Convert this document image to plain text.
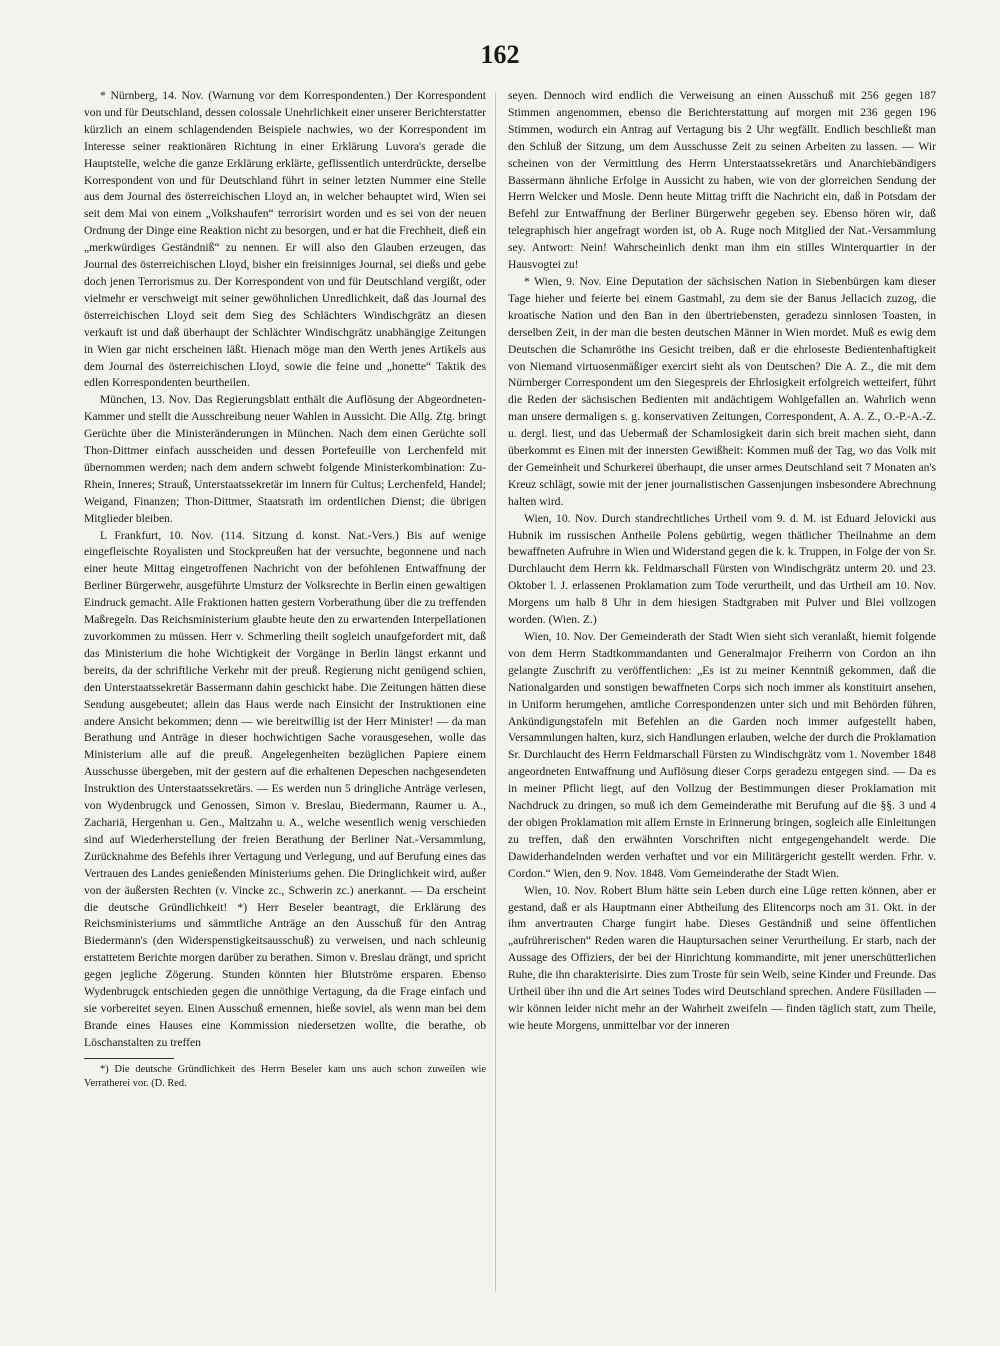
162

* Nürnberg, 14. Nov. (Warnung vor dem Korrespondenten.) Der Korrespondent von und für Deutschland, dessen colossale Unehrlichkeit einer unserer Berichterstatter kürzlich an einem schlagendenden Beispiele nachwies, wo der Korrespondent im Interesse seiner reaktionären Richtung in einer Erklärung Luvora's gerade die Hauptstelle, welche die ganze Erklärung erklärte, geflissentlich unterdrückte, derselbe Korrespondent von und für Deutschland führt in seiner letzten Nummer eine Stelle aus dem Journal des österreichischen Lloyd an, in welcher behauptet wird, Wien sei seit dem Mai von einem „Volkshaufen“ terrorisirt worden und es sei von der neuen Ordnung der Dinge eine Reaktion nicht zu besorgen, und er hat die Frechheit, dieß ein „merkwürdiges Geständniß“ zu nennen. Er will also den Glauben erzeugen, das Journal des österreichischen Lloyd, bisher ein freisinniges Journal, sei dießs und gebe doch jenen Terrorismus zu. Der Korrespondent von und für Deutschland vergißt, oder vielmehr er verschweigt mit seiner gewöhnlichen Unredlichkeit, daß das Journal des österreichischen Lloyd seit dem Sieg des Schlächters Windischgrätz an diesen verkauft ist und daß überhaupt der Schlächter Windischgrätz unabhängige Zeitungen in Wien gar nicht erscheinen läßt. Hienach möge man den Werth jenes Artikels aus dem Journal des österreichischen Lloyd, sowie die feine und „honette“ Taktik des edlen Korrespondenten beurtheilen.

München, 13. Nov. Das Regierungsblatt enthält die Auflösung der Abgeordneten-Kammer und stellt die Ausschreibung neuer Wahlen in Aussicht. Die Allg. Ztg. bringt Gerüchte über die Ministeränderungen in München. Nach dem einen Gerüchte soll Thon-Dittmer einfach ausscheiden und dessen Portefeuille von Lerchenfeld mit übernommen werden; nach dem andern schwebt folgende Ministerkombination: Zu-Rhein, Inneres; Strauß, Unterstaatssekretär im Innern für Cultus; Lerchenfeld, Handel; Weigand, Finanzen; Thon-Dittmer, Staatsrath im ordentlichen Dienst; die übrigen Mitglieder bleiben.

L Frankfurt, 10. Nov. (114. Sitzung d. konst. Nat.-Vers.) Bis auf wenige eingefleischte Royalisten und Stockpreußen hat der versuchte, begonnene und nach einer heute Mittag eingetroffenen Nachricht von der befohlenen Entwaffnung der Berliner Bürgerwehr, ausgeführte Umsturz der Volksrechte in Berlin einen gewaltigen Eindruck gemacht. Alle Fraktionen hatten gestern Vorberathung über die zu treffenden Maßregeln. Das Reichsministerium glaubte heute den zu erwartenden Interpellationen zuvorkommen zu müssen. Herr v. Schmerling theilt sogleich unaufgefordert mit, daß das Ministerium die hohe Wichtigkeit der Vorgänge in Berlin längst erkannt und bereits, da der schriftliche Verkehr mit der preuß. Regierung nicht genügend schien, den Unterstaatssekretär Bassermann dahin geschickt habe. Die Zeitungen hätten diese Sendung ausgebeutet; allein das Haus werde nach Einsicht der Instruktionen eine andere Ansicht bekommen; denn — wie bereitwillig ist der Herr Minister! — da man Berathung und Anträge in dieser hochwichtigen Sache vorausgesehen, wolle das Ministerium alle auf die preuß. Angelegenheiten bezüglichen Papiere einem Ausschusse übergeben, mit der gestern auf die erhaltenen Depeschen nachgesendeten Instruktion des Unterstaatssekretärs. — Es werden nun 5 dringliche Anträge verlesen, von Wydenbrugck und Genossen, Simon v. Breslau, Biedermann, Raumer u. A., Zachariä, Hergenhan u. Gen., Maltzahn u. A., welche wesentlich wenig verschieden sind auf Wiederherstellung der freien Berathung der Berliner Nat.-Versammlung, Zurücknahme des Befehls ihrer Vertagung und Verlegung, und auf Berufung eines das Vertrauen des Landes genießenden Ministeriums gehen. Die Dringlichkeit wird, außer von der äußersten Rechten (v. Vincke zc., Schwerin zc.) anerkannt. — Da erscheint die deutsche Gründlichkeit! *) Herr Beseler beantragt, die Erklärung des Reichsministeriums und sämmtliche Anträge an den Ausschuß für den Antrag Biedermann's (den Widerspenstigkeitsausschuß) zu verweisen, und nach schleunig erstattetem Berichte morgen darüber zu berathen. Simon v. Breslau drängt, und spricht gegen jegliche Zögerung. Stunden könnten hier Blutströme ersparen. Ebenso Wydenbrugck entschieden gegen die unnöthige Vertagung, da die Frage einfach und sie vorbereitet seyen. Einen Ausschuß ernennen, hieße soviel, als wenn man bei dem Brande eines Hauses eine Kommission niedersetzen wollte, die berathe, ob Löschanstalten zu treffen

*) Die deutsche Gründlichkeit des Herrn Beseler kam uns auch schon zuweilen wie Verratherei vor. (D. Red.

seyen. Dennoch wird endlich die Verweisung an einen Ausschuß mit 256 gegen 187 Stimmen angenommen, ebenso die Berichterstattung auf morgen mit 236 gegen 196 Stimmen, wodurch ein Antrag auf Vertagung bis 2 Uhr wegfällt. Endlich beschließt man den Schluß der Sitzung, um dem Ausschusse Zeit zu seinen Arbeiten zu lassen. — Wir scheinen von der Vermittlung des Herrn Unterstaatssekretärs und Anarchiebändigers Bassermann ähnliche Erfolge in Aussicht zu haben, wie von der glorreichen Sendung der Herrn Welcker und Mosle. Denn heute Mittag trifft die Nachricht ein, daß in Potsdam der Befehl zur Entwaffnung der Berliner Bürgerwehr gegeben sey. Ebenso hören wir, daß telegraphisch hier angefragt worden ist, ob A. Ruge noch Mitglied der Nat.-Versammlung sey. Antwort: Nein! Wahrscheinlich denkt man ihm ein stilles Winterquartier in der Hausvogtei zu!

* Wien, 9. Nov. Eine Deputation der sächsischen Nation in Siebenbürgen kam dieser Tage hieher und feierte bei einem Gastmahl, zu dem sie der Banus Jellacich zuzog, die kroatische Nation und den Ban in den übertriebensten, geradezu sinnlosen Toasten, in derselben Zeit, in der man die besten deutschen Männer in Wien mordet. Muß es ewig dem Deutschen die Schamröthe ins Gesicht treiben, daß er die ehrloseste Bedientenhaftigkeit von Niemand virtuosenmäßiger exercirt sieht als von Deutschen? Die A. Z., die mit dem Nürnberger Correspondent um den Siegespreis der Ehrlosigkeit erfolgreich wetteifert, führt die Reden der sächsischen Bedienten mit andächtigem Wohlgefallen an. Wahrlich wenn man unsere dermaligen s. g. konservativen Zeitungen, Correspondent, A. A. Z., O.-P.-A.-Z. u. dergl. liest, und das Uebermaß der Schamlosigkeit darin sich breit machen sieht, dann überkommt es Einen mit der innersten Gewißheit: Kommen muß der Tag, wo das Volk mit der Gemeinheit und Schurkerei überhaupt, die unser armes Deutschland seit 7 Monaten an's Kreuz schlägt, sowie mit der jener journalistischen Gassenjungen insbesondere Abrechnung halten wird.

Wien, 10. Nov. Durch standrechtliches Urtheil vom 9. d. M. ist Eduard Jelovicki aus Hubnik im russischen Antheile Polens gebürtig, wegen thätlicher Theilnahme an dem bewaffneten Aufruhre in Wien und Widerstand gegen die k. k. Truppen, in Folge der von Sr. Durchlaucht dem Herrn kk. Feldmarschall Fürsten von Windischgrätz unterm 20. und 23. Oktober l. J. erlassenen Proklamation zum Tode verurtheilt, und das Urtheil am 10. Nov. Morgens um halb 8 Uhr in dem hiesigen Stadtgraben mit Pulver und Blei vollzogen worden. (Wien. Z.)

Wien, 10. Nov. Der Gemeinderath der Stadt Wien sieht sich veranlaßt, hiemit folgende von dem Herrn Stadtkommandanten und Generalmajor Freiherrn von Cordon an ihn gelangte Zuschrift zu veröffentlichen: „Es ist zu meiner Kenntniß gekommen, daß die Nationalgarden und sonstigen bewaffneten Corps sich noch immer als konstituirt ansehen, in Uniform herumgehen, amtliche Correspondenzen unter sich und mit Behörden führen, Ankündigungstafeln mit Befehlen an die Garden noch immer aufgestellt haben, Versammlungen halten, kurz, sich Handlungen erlauben, welche der durch die Proklamation Sr. Durchlaucht des Herrn Feldmarschall Fürsten zu Windischgrätz vom 1. November 1848 angeordneten Entwaffnung und Auflösung dieser Corps geradezu entgegen sind. — Da es in meiner Pflicht liegt, auf den Vollzug der Bestimmungen dieser Proklamation mit Nachdruck zu dringen, so muß ich dem Gemeinderathe mit Berufung auf die §§. 3 und 4 der obigen Proklamation mit allem Ernste in Erinnerung bringen, sogleich alle Einleitungen zu treffen, daß den erwähnten Vorschriften nicht entgegengehandelt werde. Die Dawiderhandelnden werden verhaftet und vor ein Militärgericht gestellt werden. Frhr. v. Cordon.“ Wien, den 9. Nov. 1848. Vom Gemeinderathe der Stadt Wien.

Wien, 10. Nov. Robert Blum hätte sein Leben durch eine Lüge retten können, aber er gestand, daß er als Hauptmann einer Abtheilung des Elitencorps noch am 31. Okt. in der ihm anvertrauten Charge fungirt habe. Dieses Geständniß und seine öffentlichen „aufrührerischen“ Reden waren die Hauptursachen seiner Verurtheilung. Er starb, nach der Aussage des Offiziers, der bei der Hinrichtung kommandirte, mit jener unerschütterlichen Ruhe, die ihn charakterisirte. Dies zum Troste für sein Weib, seine Kinder und Freunde. Das Urtheil über ihn und die Art seines Todes wird Deutschland sprechen. Andere Füsilladen — wir können leider nicht mehr an der Wahrheit zweifeln — finden täglich statt, zum Theile, wie heute Morgens, unmittelbar vor der inneren
